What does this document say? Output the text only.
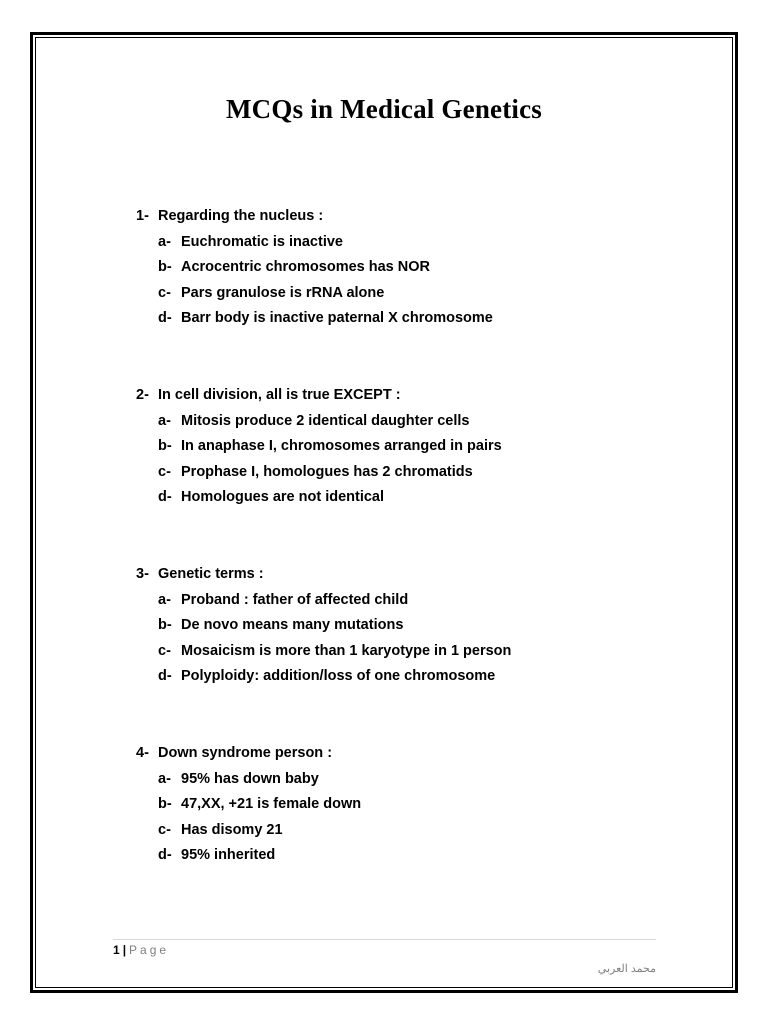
MCQs in Medical Genetics
1- Regarding the nucleus :
a- Euchromatic is inactive
b- Acrocentric chromosomes has NOR
c- Pars granulose is rRNA alone
d- Barr body is inactive paternal X chromosome
2- In cell division, all is true EXCEPT :
a- Mitosis produce 2 identical daughter cells
b- In anaphase I, chromosomes arranged in pairs
c- Prophase I, homologues has 2 chromatids
d- Homologues are not identical
3- Genetic terms :
a- Proband : father of affected child
b- De novo means many mutations
c- Mosaicism is more than 1 karyotype in 1 person
d- Polyploidy: addition/loss of one chromosome
4- Down syndrome person :
a- 95% has down baby
b- 47,XX, +21 is female down
c- Has disomy 21
d- 95% inherited
1 | Page
محمد العربي
